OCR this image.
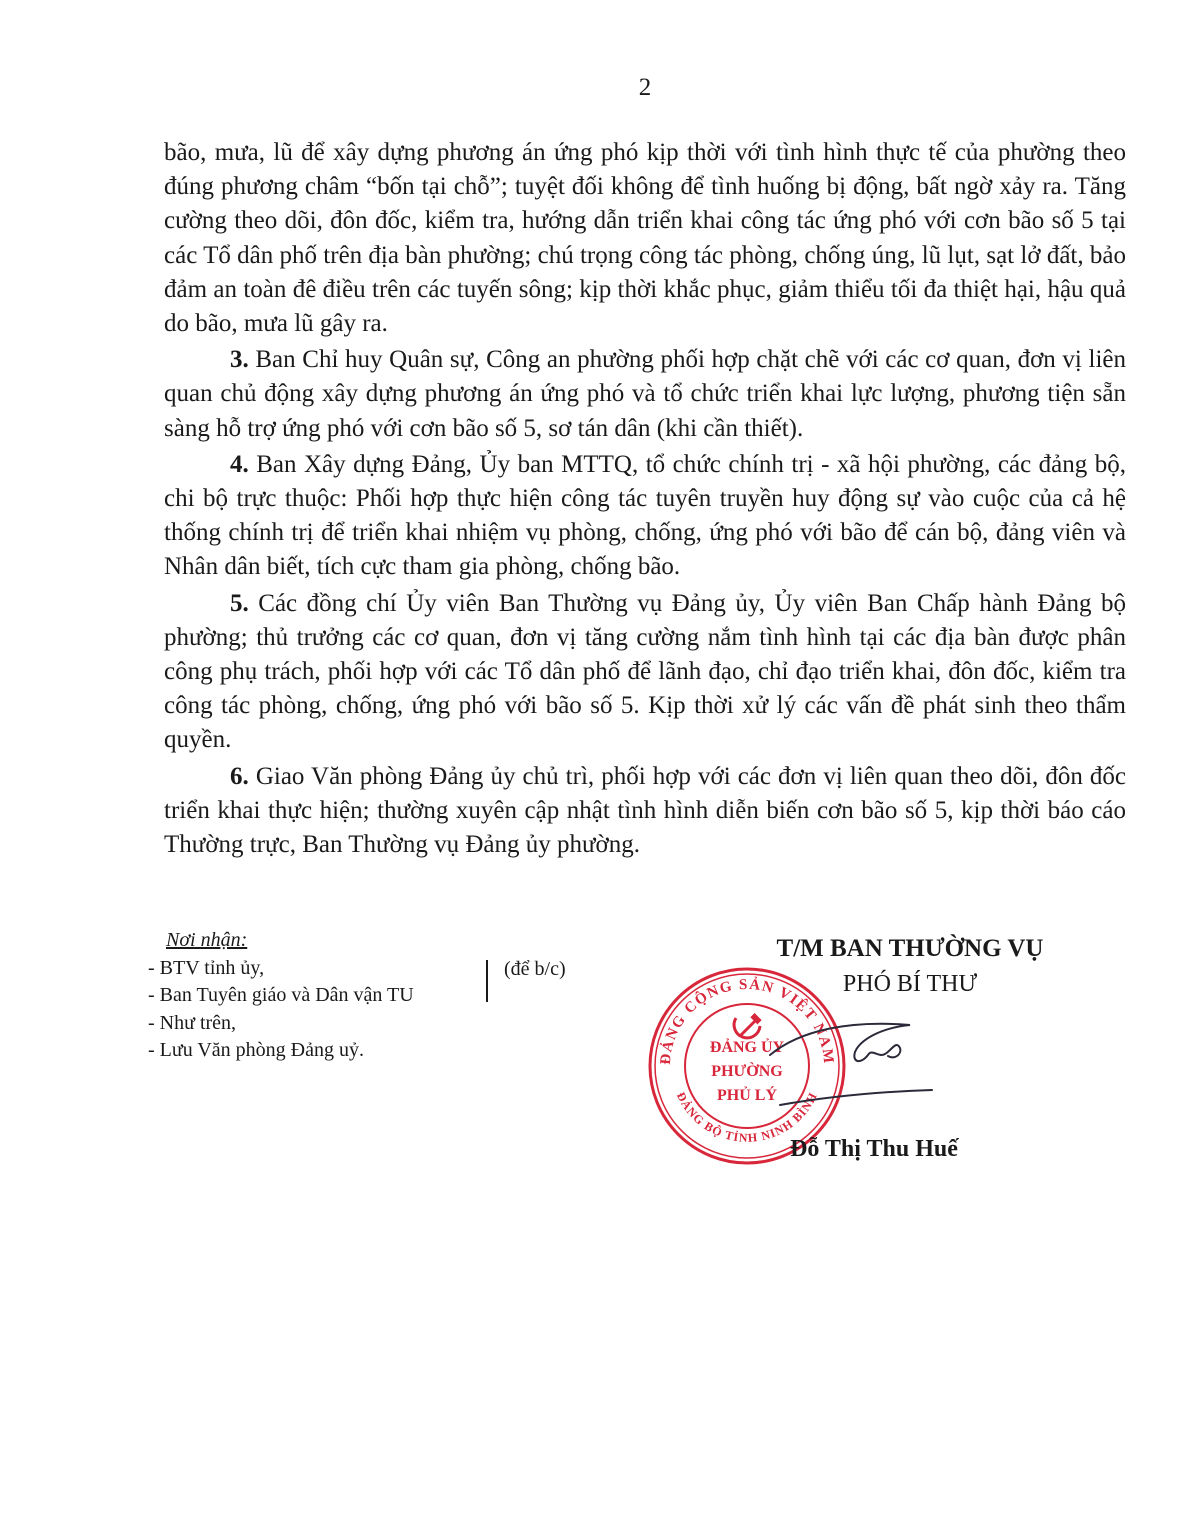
2

bão, mưa, lũ để xây dựng phương án ứng phó kịp thời với tình hình thực tế của phường theo đúng phương châm “bốn tại chỗ”; tuyệt đối không để tình huống bị động, bất ngờ xảy ra. Tăng cường theo dõi, đôn đốc, kiểm tra, hướng dẫn triển khai công tác ứng phó với cơn bão số 5 tại các Tổ dân phố trên địa bàn phường; chú trọng công tác phòng, chống úng, lũ lụt, sạt lở đất, bảo đảm an toàn đê điều trên các tuyến sông; kịp thời khắc phục, giảm thiểu tối đa thiệt hại, hậu quả do bão, mưa lũ gây ra.

3. Ban Chỉ huy Quân sự, Công an phường phối hợp chặt chẽ với các cơ quan, đơn vị liên quan chủ động xây dựng phương án ứng phó và tổ chức triển khai lực lượng, phương tiện sẵn sàng hỗ trợ ứng phó với cơn bão số 5, sơ tán dân (khi cần thiết).

4. Ban Xây dựng Đảng, Ủy ban MTTQ, tổ chức chính trị - xã hội phường, các đảng bộ, chi bộ trực thuộc: Phối hợp thực hiện công tác tuyên truyền huy động sự vào cuộc của cả hệ thống chính trị để triển khai nhiệm vụ phòng, chống, ứng phó với bão để cán bộ, đảng viên và Nhân dân biết, tích cực tham gia phòng, chống bão.

5. Các đồng chí Ủy viên Ban Thường vụ Đảng ủy, Ủy viên Ban Chấp hành Đảng bộ phường; thủ trưởng các cơ quan, đơn vị tăng cường nắm tình hình tại các địa bàn được phân công phụ trách, phối hợp với các Tổ dân phố để lãnh đạo, chỉ đạo triển khai, đôn đốc, kiểm tra công tác phòng, chống, ứng phó với bão số 5. Kịp thời xử lý các vấn đề phát sinh theo thẩm quyền.

6. Giao Văn phòng Đảng ủy chủ trì, phối hợp với các đơn vị liên quan theo dõi, đôn đốc triển khai thực hiện; thường xuyên cập nhật tình hình diễn biến cơn bão số 5, kịp thời báo cáo Thường trực, Ban Thường vụ Đảng ủy phường.

Nơi nhận:
- BTV tỉnh ủy,
- Ban Tuyên giáo và Dân vận TU
- Như trên,
- Lưu Văn phòng Đảng uỷ.
(để b/c)
T/M BAN THƯỜNG VỤ
PHÓ BÍ THƯ
ĐẢNG CỘNG SẢN VIỆT NAM
ĐẢNG BỘ TỈNH NINH BÌNH
ĐẢNG ỦY
PHƯỜNG
PHỦ LÝ
Đỗ Thị Thu Huế
